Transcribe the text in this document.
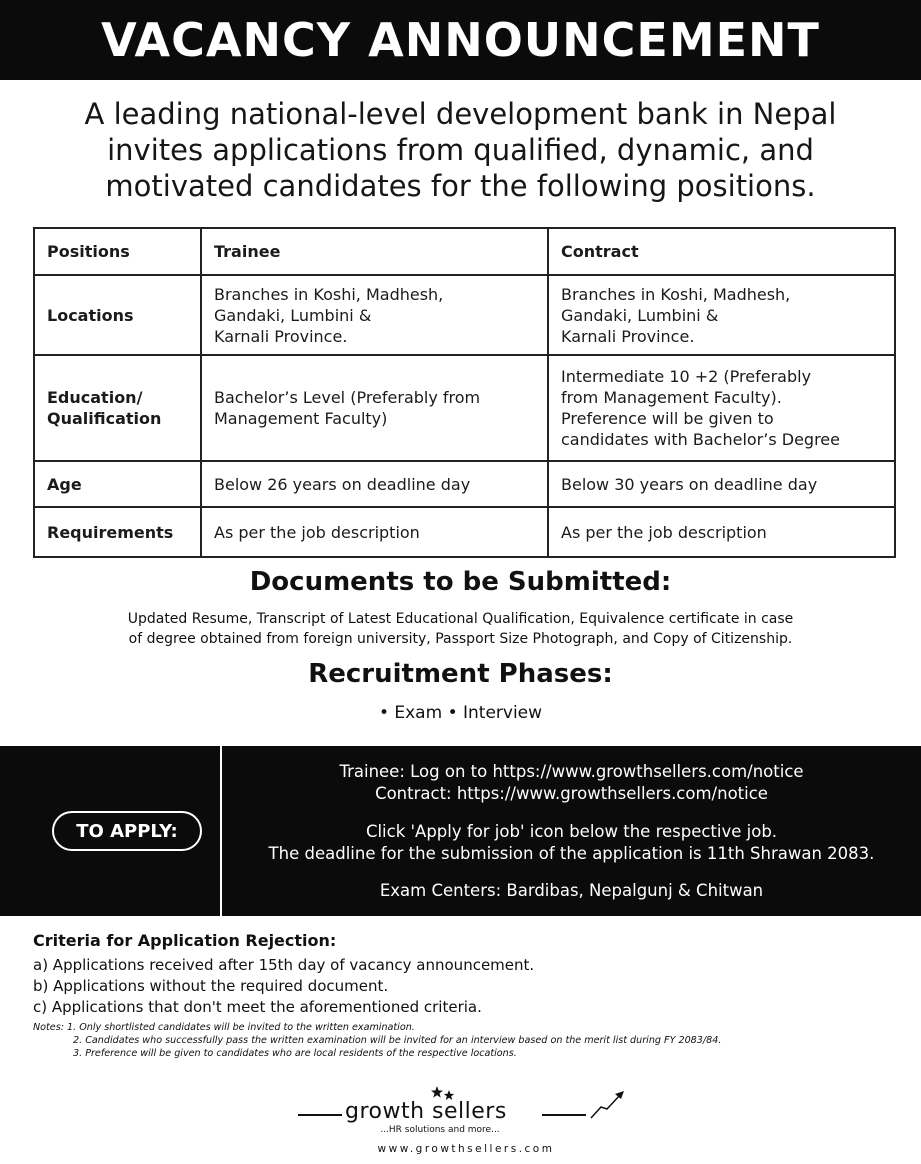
VACANCY ANNOUNCEMENT
A leading national-level development bank in Nepal
invites applications from qualified, dynamic, and
motivated candidates for the following positions.
Positions	Trainee	Contract
Locations	Branches in Koshi, Madhesh,
Gandaki, Lumbini &
Karnali Province.	Branches in Koshi, Madhesh,
Gandaki, Lumbini &
Karnali Province.

Education/
Qualification	Bachelor’s Level (Preferably from
Management Faculty)	Intermediate 10 +2 (Preferably
from Management Faculty).
Preference will be given to
candidates with Bachelor’s Degree

Age	Below 26 years on deadline day	Below 30 years on deadline day
Requirements	As per the job description	As per the job description
Documents to be Submitted:
Updated Resume, Transcript of Latest Educational Qualification, Equivalence certificate in case
of degree obtained from foreign university, Passport Size Photograph, and Copy of Citizenship.
Recruitment Phases:
• Exam • Interview
TO APPLY:
Trainee: Log on to https://www.growthsellers.com/notice
Contract: https://www.growthsellers.com/notice
Click 'Apply for job' icon below the respective job.
The deadline for the submission of the application is 11th Shrawan 2083.
Exam Centers: Bardibas, Nepalgunj & Chitwan
Criteria for Application Rejection:
a) Applications received after 15th day of vacancy announcement.
b) Applications without the required document.
c) Applications that don't meet the aforementioned criteria.
Notes: 1. Only shortlisted candidates will be invited to the written examination.
2. Candidates who successfully pass the written examination will be invited for an interview based on the merit list during FY 2083/84.
3. Preference will be given to candidates who are local residents of the respective locations.
growth sellers
...HR solutions and more...
www.growthsellers.com
